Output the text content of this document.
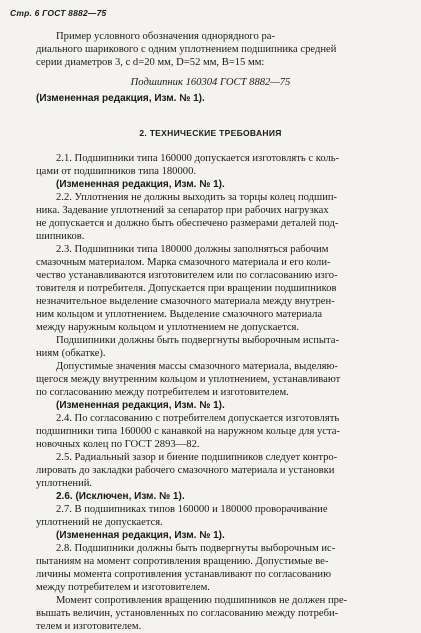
Стр. 6 ГОСТ 8882—75
Пример условного обозначения однорядного ра-
диального шарикового с одним уплотнением подшипника средней
серии диаметров 3, с d=20 мм, D=52 мм, B=15 мм:
Подшипник 160304 ГОСТ 8882—75
(Измененная редакция, Изм. № 1).
2. ТЕХНИЧЕСКИЕ ТРЕБОВАНИЯ
2.1. Подшипники типа 160000 допускается изготовлять с коль-
цами от подшипников типа 180000.
(Измененная редакция, Изм. № 1).
2.2. Уплотнения не должны выходить за торцы колец подшип-
ника. Задевание уплотнений за сепаратор при рабочих нагрузках
не допускается и должно быть обеспечено размерами деталей под-
шипников.
2.3. Подшипники типа 180000 должны заполняться рабочим
смазочным материалом. Марка смазочного материала и его коли-
чество устанавливаются изготовителем или по согласованию изго-
товителя и потребителя. Допускается при вращении подшипников
незначительное выделение смазочного материала между внутрен-
ним кольцом и уплотнением. Выделение смазочного материала
между наружным кольцом и уплотнением не допускается.
Подшипники должны быть подвергнуты выборочным испыта-
ниям (обкатке).
Допустимые значения массы смазочного материала, выделяю-
щегося между внутренним кольцом и уплотнением, устанавливают
по согласованию между потребителем и изготовителем.
(Измененная редакция, Изм. № 1).
2.4. По согласованию с потребителем допускается изготовлять
подшипники типа 160000 с канавкой на наружном кольце для уста-
новочных колец по ГОСТ 2893—82.
2.5. Радиальный зазор и биение подшипников следует контро-
лировать до закладки рабочего смазочного материала и установки
уплотнений.
2.6. (Исключен, Изм. № 1).
2.7. В подшипниках типов 160000 и 180000 проворачивание
уплотнений не допускается.
(Измененная редакция, Изм. № 1).
2.8. Подшипники должны быть подвергнуты выборочным ис-
пытаниям на момент сопротивления вращению. Допустимые ве-
личины момента сопротивления устанавливают по согласованию
между потребителем и изготовителем.
Момент сопротивления вращению подшипников не должен пре-
вышать величин, установленных по согласованию между потреби-
телем и изготовителем.
